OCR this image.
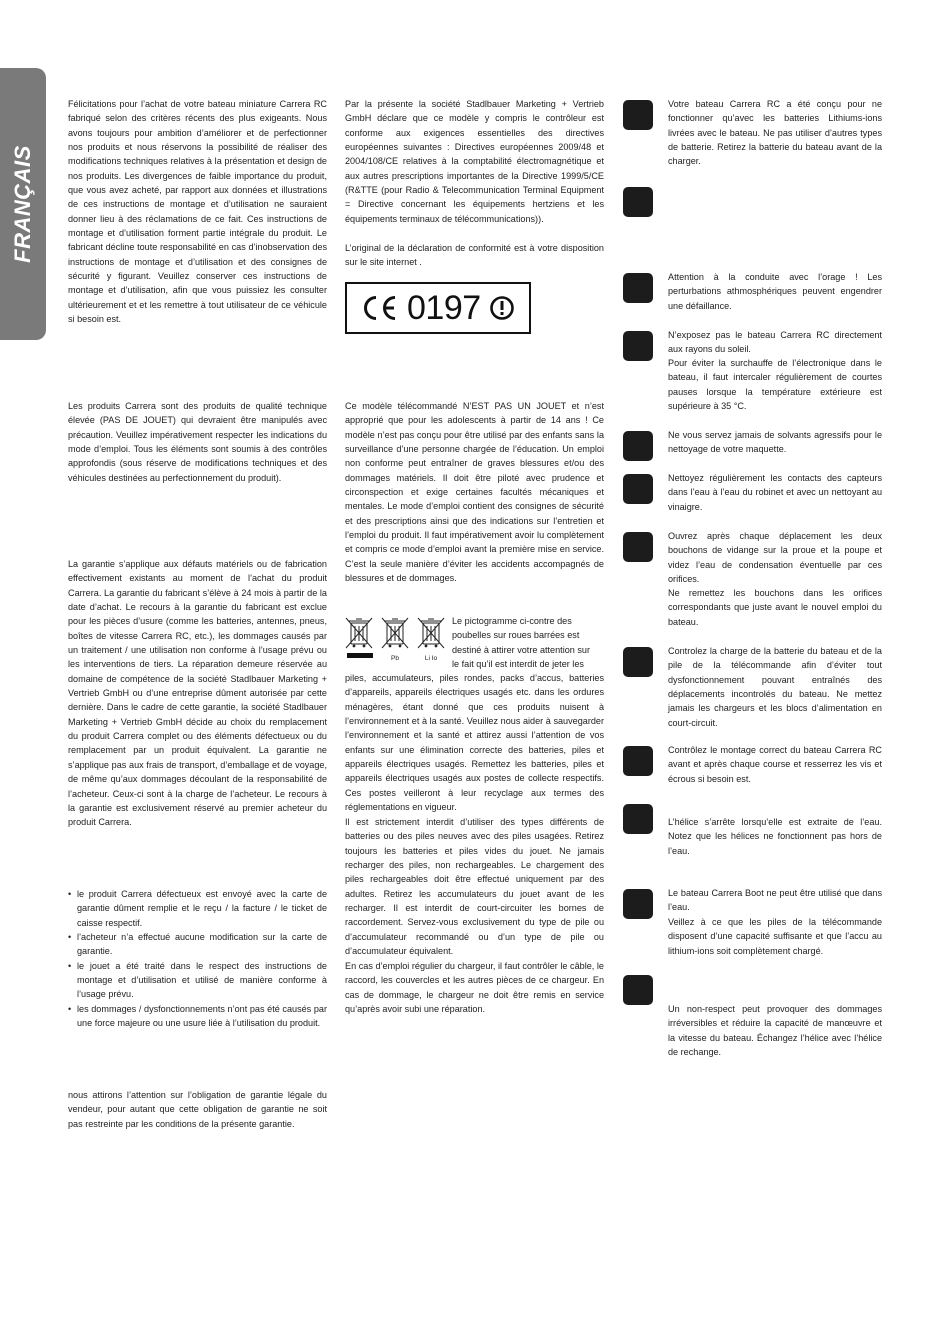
FRANÇAIS

Félicitations pour l’achat de votre bateau miniature Carrera RC fabriqué selon des critères récents des plus exigeants. Nous avons toujours pour ambition d’améliorer et de perfectionner nos produits et nous réservons la possibilité de réaliser des modifications techniques relatives à la présentation et design de nos produits. Les divergences de faible importance du produit, que vous avez acheté, par rapport aux données et illustrations de ces instructions de montage et d’utilisation ne sauraient donner lieu à des réclamations de ce fait. Ces instructions de montage et d’utilisation forment partie intégrale du produit. Le fabricant décline toute responsabilité en cas d’inobservation des instructions de montage et d’utilisation et des consignes de sécurité y figurant. Veuillez conserver ces instructions de montage et d’utilisation, afin que vous puissiez les consulter ultérieurement et et les remettre à tout utilisateur de ce véhicule si besoin est.

Les produits Carrera sont des produits de qualité technique élevée (PAS DE JOUET) qui devraient être manipulés avec précaution. Veuillez impérativement respecter les indications du mode d’emploi. Tous les éléments sont soumis à des contrôles approfondis (sous réserve de modifications techniques et des véhicules destinées au perfectionnement du produit).

La garantie s’applique aux défauts matériels ou de fabrication effectivement existants au moment de l’achat du produit Carrera. La garantie du fabricant s’élève à 24 mois à partir de la date d’achat. Le recours à la garantie du fabricant est exclue pour les pièces d’usure (comme les batteries, antennes, pneus, boîtes de vitesse Carrera RC, etc.), les dommages causés par un traitement / une utilisation non conforme à l’usage prévu ou les interventions de tiers. La réparation demeure réservée au domaine de compétence de la société Stadlbauer Marketing + Vertrieb GmbH ou d’une entreprise dûment autorisée par cette dernière. Dans le cadre de cette garantie, la société Stadlbauer Marketing + Vertrieb GmbH décide au choix du remplacement du produit Carrera complet ou des éléments défectueux ou du remplacement par un produit équivalent. La garantie ne s’applique pas aux frais de transport, d’emballage et de voyage, de même qu’aux dommages découlant de la responsabilité de l’acheteur. Ceux-ci sont à la charge de l’acheteur. Le recours à la garantie est exclusivement réservé au premier acheteur du produit Carrera.

• le produit Carrera défectueux est envoyé avec la carte de garantie dûment remplie et le reçu / la facture / le ticket de caisse respectif.
• l’acheteur n’a effectué aucune modification sur la carte de garantie.
• le jouet a été traité dans le respect des instructions de montage et d’utilisation et utilisé de manière conforme à l’usage prévu.
• les dommages / dysfonctionnements n’ont pas été causés par une force majeure ou une usure liée à l’utilisation du produit.

nous attirons l’attention sur l’obligation de garantie légale du vendeur, pour autant que cette obligation de garantie ne soit pas restreinte par les conditions de la présente garantie.

Par la présente la société Stadlbauer Marketing + Vertrieb GmbH déclare que ce modèle y compris le contrôleur est conforme aux exigences essentielles des directives européennes suivantes : Directives européennes 2009/48 et 2004/108/CE relatives à la comptabilité électromagnétique et aux autres prescriptions importantes de la Directive 1999/5/CE (R&TTE (pour Radio & Telecommunication Terminal Equipment = Directive concernant les équipements hertziens et les équipements terminaux de télécommunications)).

L’original de la déclaration de conformité est à votre disposition sur le site internet .

0197

Ce modèle télécommandé N’EST PAS UN JOUET et n’est approprié que pour les adolescents à partir de 14 ans ! Ce modèle n’est pas conçu pour être utilisé par des enfants sans la surveillance d’une personne chargée de l’éducation. Un emploi non conforme peut entraîner de graves blessures et/ou des dommages matériels. Il doit être piloté avec prudence et circonspection et exige certaines facultés mécaniques et mentales. Le mode d’emploi contient des consignes de sécurité et des prescriptions ainsi que des indications sur l’entretien et l’emploi du produit. Il faut impérativement avoir lu complètement et compris ce mode d’emploi avant la première mise en service. C’est la seule manière d’éviter les accidents accompagnés de blessures et de dommages.

Pb	Li Io

Le pictogramme ci-contre des
poubelles sur roues barrées est
destiné à attirer votre attention sur
le fait qu’il est interdit de jeter les

piles, accumulateurs, piles rondes, packs d’accus, batteries d’appareils, appareils électriques usagés etc. dans les ordures ménagères, étant donné que ces produits nuisent à l’environnement et à la santé. Veuillez nous aider à sauvegarder l’environnement et la santé et attirez aussi l’attention de vos enfants sur une élimination correcte des batteries, piles et appareils électriques usagés. Remettez les batteries, piles et appareils électriques usagés aux postes de collecte respectifs. Ces postes veilleront à leur recyclage aux termes des réglementations en vigueur.

Il est strictement interdit d’utiliser des types différents de batteries ou des piles neuves avec des piles usagées. Retirez toujours les batteries et piles vides du jouet. Ne jamais recharger des piles, non rechargeables. Le chargement des piles rechargeables doit être effectué uniquement par des adultes. Retirez les accumulateurs du jouet avant de les recharger. Il est interdit de court-circuiter les bornes de raccordement. Servez-vous exclusivement du type de pile ou d’accumulateur recommandé ou d’un type de pile ou d’accumulateur équivalent.

En cas d’emploi régulier du chargeur, il faut contrôler le câble, le raccord, les couvercles et les autres pièces de ce chargeur. En cas de dommage, le chargeur ne doit être remis en service qu’après avoir subi une réparation.

Votre bateau Carrera RC a été conçu pour ne fonctionner qu’avec les batteries Lithiums-ions livrées avec le bateau. Ne pas utiliser d’autres types de batterie. Retirez la batterie du bateau avant de la charger.

Attention à la conduite avec l’orage ! Les perturbations athmosphériques peuvent engendrer une défaillance.

N’exposez pas le bateau Carrera RC directement aux rayons du soleil.

Pour éviter la surchauffe de l’électronique dans le bateau, il faut intercaler régulièrement de courtes pauses lorsque la température extérieure est supérieure à 35 °C.

Ne vous servez jamais de solvants agressifs pour le nettoyage de votre maquette.

Nettoyez régulièrement les contacts des capteurs dans l’eau à l’eau du robinet et avec un nettoyant au vinaigre.

Ouvrez après chaque déplacement les deux bouchons de vidange sur la proue et la poupe et videz l’eau de condensation éventuelle par ces orifices.

Ne remettez les bouchons dans les orifices correspondants que juste avant le nouvel emploi du bateau.

Controlez la charge de la batterie du bateau et de la pile de la télécommande afin d’éviter tout dysfonctionnement pouvant entraînés des déplacements incontrolés du bateau. Ne mettez jamais les chargeurs et les blocs d’alimentation en court-circuit.

Contrôlez le montage correct du bateau Carrera RC avant et après chaque course et resserrez les vis et écrous si besoin est.

L’hélice s’arrête lorsqu’elle est extraite de l’eau. Notez que les hélices ne fonctionnent pas hors de l’eau.

Le bateau Carrera Boot ne peut être utilisé que dans l’eau.

Veillez à ce que les piles de la télécommande disposent d’une capacité suffisante et que l’accu au lithium-ions soit complètement chargé.

Un non-respect peut provoquer des dommages irréversibles et réduire la capacité de manœuvre et la vitesse du bateau. Échangez l’hélice avec l’hélice de rechange.
